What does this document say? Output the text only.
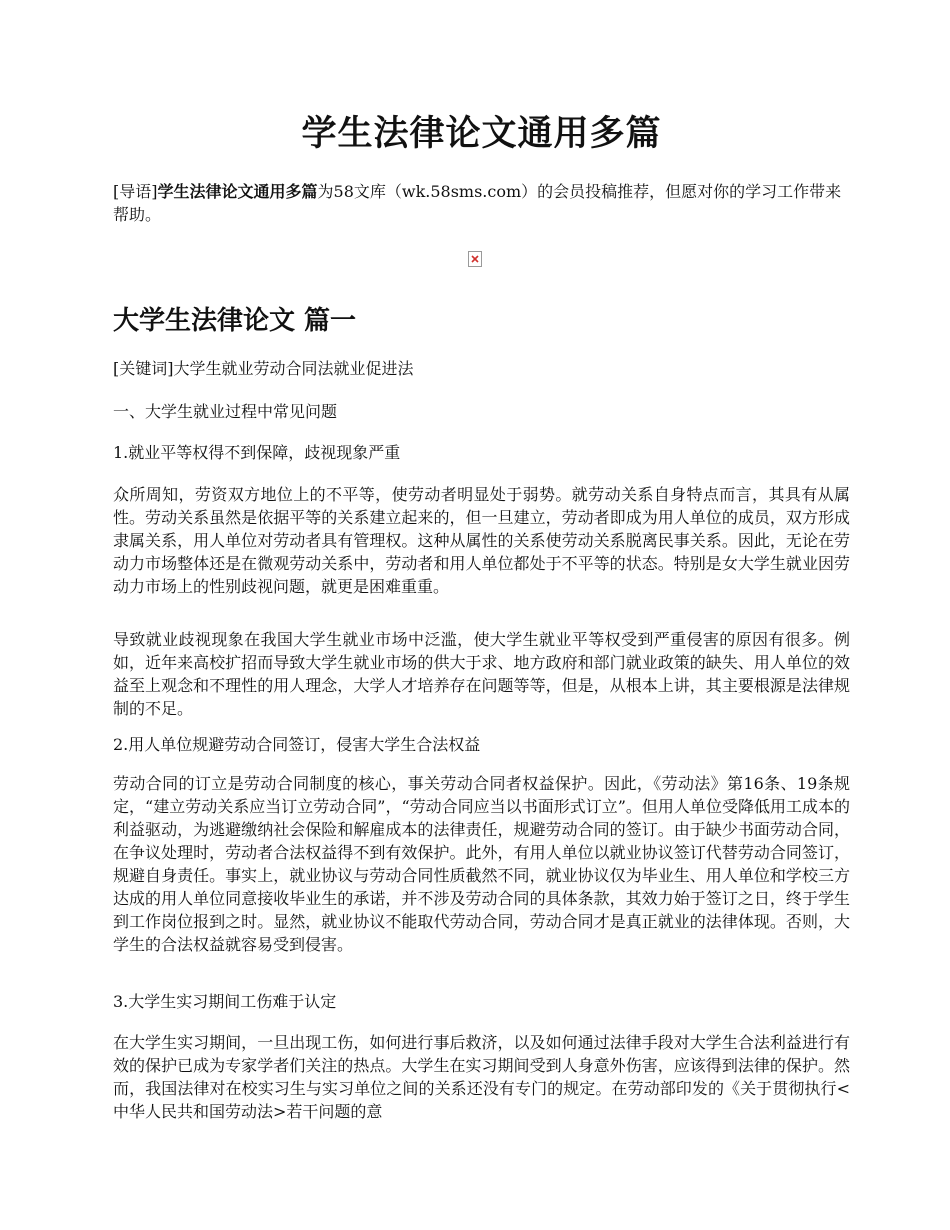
学生法律论文通用多篇

[导语]学生法律论文通用多篇为58文库（wk.58sms.com）的会员投稿推荐，但愿对你的学习工作带来帮助。

大学生法律论文 篇一

[关键词]大学生就业劳动合同法就业促进法

一、大学生就业过程中常见问题

1.就业平等权得不到保障，歧视现象严重

众所周知，劳资双方地位上的不平等，使劳动者明显处于弱势。就劳动关系自身特点而言，其具有从属性。劳动关系虽然是依据平等的关系建立起来的，但一旦建立，劳动者即成为用人单位的成员，双方形成隶属关系，用人单位对劳动者具有管理权。这种从属性的关系使劳动关系脱离民事关系。因此，无论在劳动力市场整体还是在微观劳动关系中，劳动者和用人单位都处于不平等的状态。特别是女大学生就业因劳动力市场上的性别歧视问题，就更是困难重重。

导致就业歧视现象在我国大学生就业市场中泛滥，使大学生就业平等权受到严重侵害的原因有很多。例如，近年来高校扩招而导致大学生就业市场的供大于求、地方政府和部门就业政策的缺失、用人单位的效益至上观念和不理性的用人理念，大学人才培养存在问题等等，但是，从根本上讲，其主要根源是法律规制的不足。

2.用人单位规避劳动合同签订，侵害大学生合法权益

劳动合同的订立是劳动合同制度的核心，事关劳动合同者权益保护。因此，《劳动法》第16条、19条规定，“建立劳动关系应当订立劳动合同”，“劳动合同应当以书面形式订立”。但用人单位受降低用工成本的利益驱动，为逃避缴纳社会保险和解雇成本的法律责任，规避劳动合同的签订。由于缺少书面劳动合同，在争议处理时，劳动者合法权益得不到有效保护。此外，有用人单位以就业协议签订代替劳动合同签订，规避自身责任。事实上，就业协议与劳动合同性质截然不同，就业协议仅为毕业生、用人单位和学校三方达成的用人单位同意接收毕业生的承诺，并不涉及劳动合同的具体条款，其效力始于签订之日，终于学生到工作岗位报到之时。显然，就业协议不能取代劳动合同，劳动合同才是真正就业的法律体现。否则，大学生的合法权益就容易受到侵害。

3.大学生实习期间工伤难于认定

在大学生实习期间，一旦出现工伤，如何进行事后救济，以及如何通过法律手段对大学生合法利益进行有效的保护已成为专家学者们关注的热点。大学生在实习期间受到人身意外伤害，应该得到法律的保护。然而，我国法律对在校实习生与实习单位之间的关系还没有专门的规定。在劳动部印发的《关于贯彻执行<中华人民共和国劳动法>若干问题的意
